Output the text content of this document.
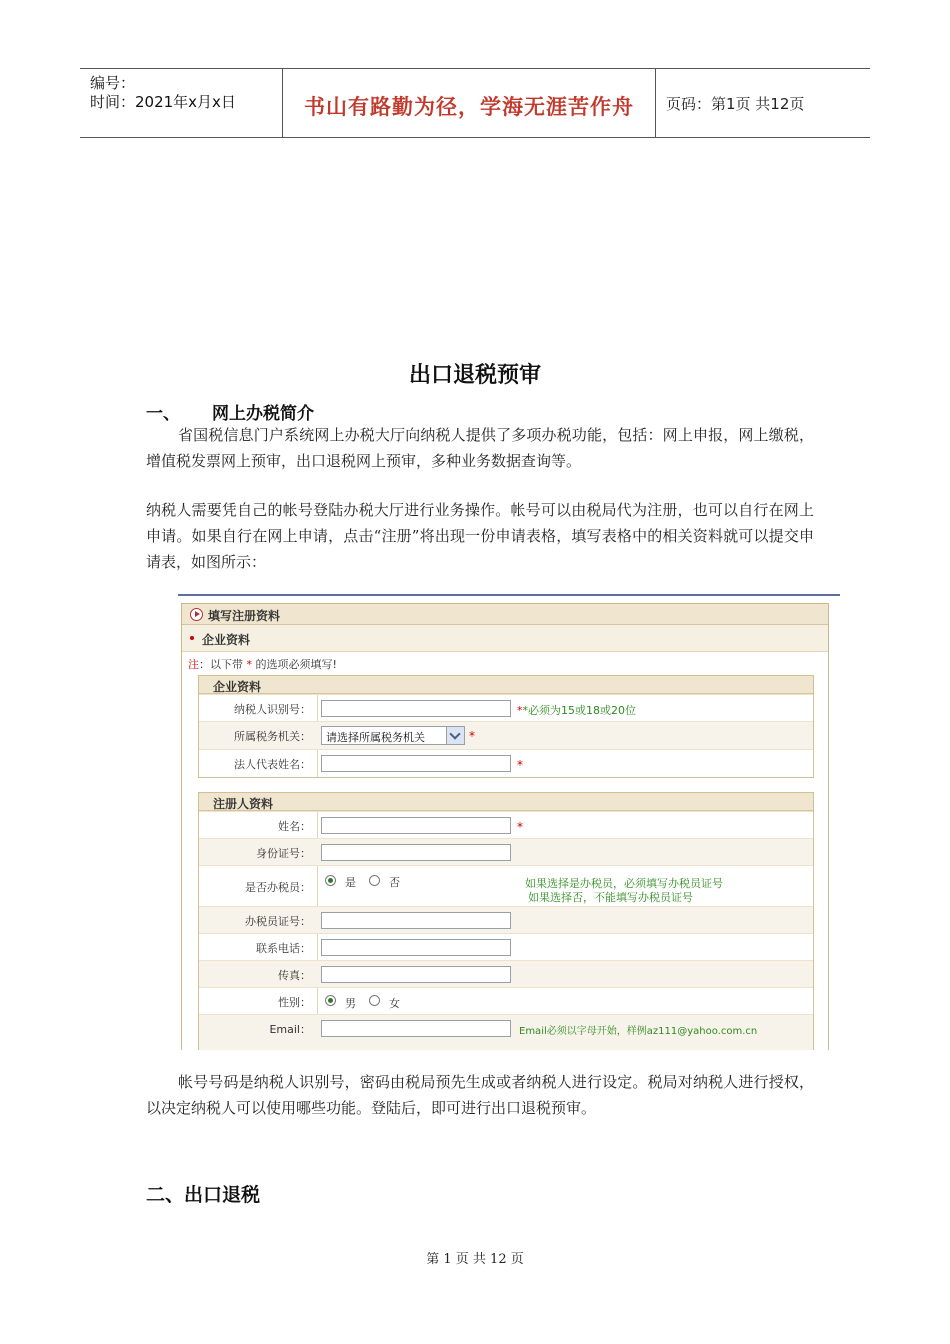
编号：
时间：2021年x月x日	书山有路勤为径，学海无涯苦作舟	页码：第1页 共12页
出口退税预审
一、 网上办税简介
省国税信息门户系统网上办税大厅向纳税人提供了多项办税功能，包括：网上申报，网上缴税，增值税发票网上预审，出口退税网上预审，多种业务数据查询等。
纳税人需要凭自己的帐号登陆办税大厅进行业务操作。帐号可以由税局代为注册，也可以自行在网上申请。如果自行在网上申请，点击“注册”将出现一份申请表格，填写表格中的相关资料就可以提交申请表，如图所示：
填写注册资料
企业资料
注：以下带 * 的选项必须填写!
企业资料
纳税人识别号：	**必须为15或18或20位
所属税务机关： 请选择所属税务机关	*
法人代表姓名：	*
注册人资料
姓名：	*
身份证号：
是否办税员：	是	否	如果选择是办税员，必须填写办税员证号
如果选择否，不能填写办税员证号
办税员证号：
联系电话：
传真：
性别：	男	女
Email：	Email必须以字母开始，样例az111@yahoo.com.cn
帐号号码是纳税人识别号，密码由税局预先生成或者纳税人进行设定。税局对纳税人进行授权，以决定纳税人可以使用哪些功能。登陆后，即可进行出口退税预审。
二、出口退税
第 1 页 共 12 页
